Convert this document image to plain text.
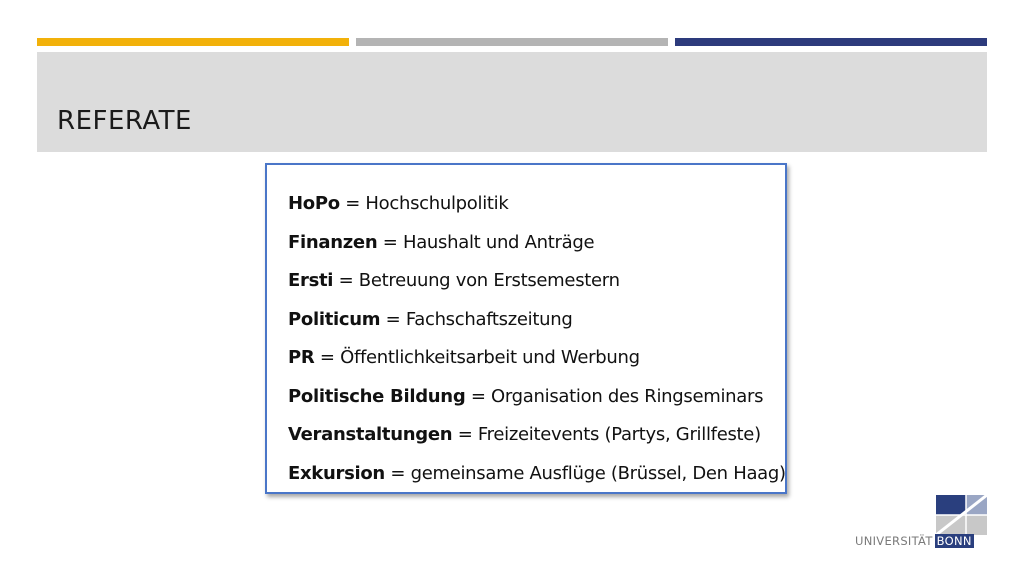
REFERATE
HoPo = Hochschulpolitik
Finanzen = Haushalt und Anträge
Ersti = Betreuung von Erstsemestern
Politicum = Fachschaftszeitung
PR = Öffentlichkeitsarbeit und Werbung
Politische Bildung = Organisation des Ringseminars
Veranstaltungen = Freizeitevents (Partys, Grillfeste)
Exkursion = gemeinsame Ausflüge (Brüssel, Den Haag)
UNIVERSITÄT BONN
